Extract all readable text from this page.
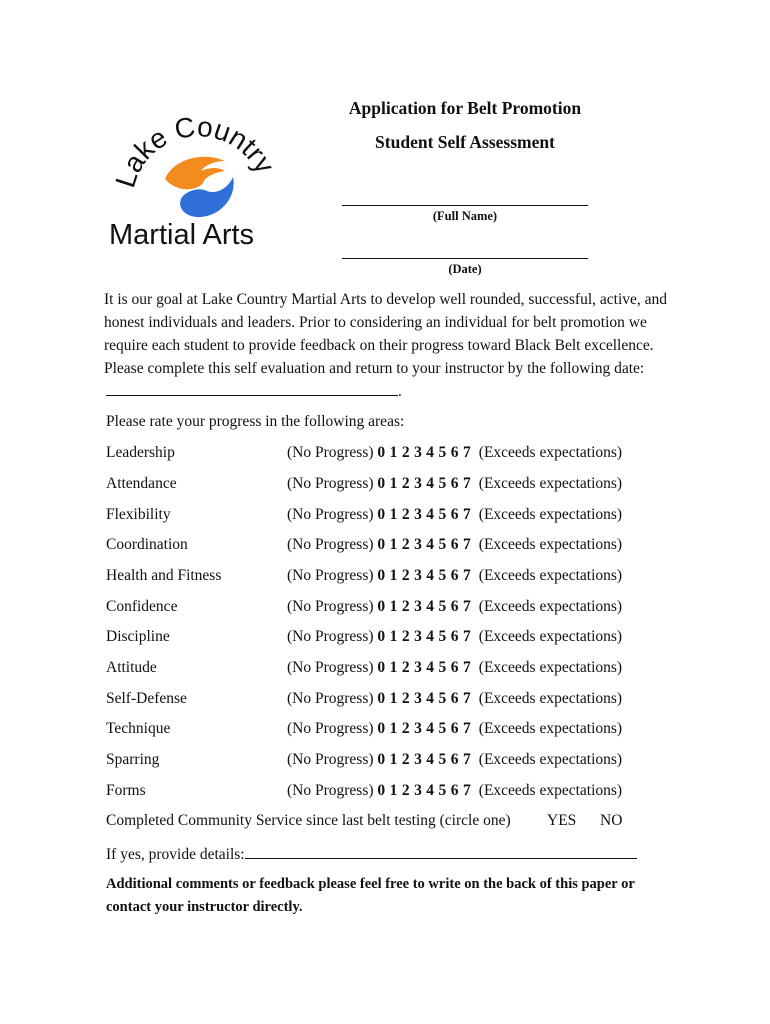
Lake Country
Martial Arts
Application for Belt Promotion
Student Self Assessment
(Full Name)
(Date)
It is our goal at Lake Country Martial Arts to develop well rounded, successful, active, and honest individuals and leaders. Prior to considering an individual for belt promotion we require each student to provide feedback on their progress toward Black Belt excellence. Please complete this self evaluation and return to your instructor by the following date: .
Please rate your progress in the following areas:
Leadership	(No Progress) 0 1 2 3 4 5 6 7 (Exceeds expectations)
Attendance	(No Progress) 0 1 2 3 4 5 6 7 (Exceeds expectations)
Flexibility	(No Progress) 0 1 2 3 4 5 6 7 (Exceeds expectations)
Coordination	(No Progress) 0 1 2 3 4 5 6 7 (Exceeds expectations)
Health and Fitness	(No Progress) 0 1 2 3 4 5 6 7 (Exceeds expectations)
Confidence	(No Progress) 0 1 2 3 4 5 6 7 (Exceeds expectations)
Discipline	(No Progress) 0 1 2 3 4 5 6 7 (Exceeds expectations)
Attitude	(No Progress) 0 1 2 3 4 5 6 7 (Exceeds expectations)
Self-Defense	(No Progress) 0 1 2 3 4 5 6 7 (Exceeds expectations)
Technique	(No Progress) 0 1 2 3 4 5 6 7 (Exceeds expectations)
Sparring	(No Progress) 0 1 2 3 4 5 6 7 (Exceeds expectations)
Forms	(No Progress) 0 1 2 3 4 5 6 7 (Exceeds expectations)
Completed Community Service since last belt testing (circle one) YES NO
If yes, provide details:
Additional comments or feedback please feel free to write on the back of this paper or contact your instructor directly.
